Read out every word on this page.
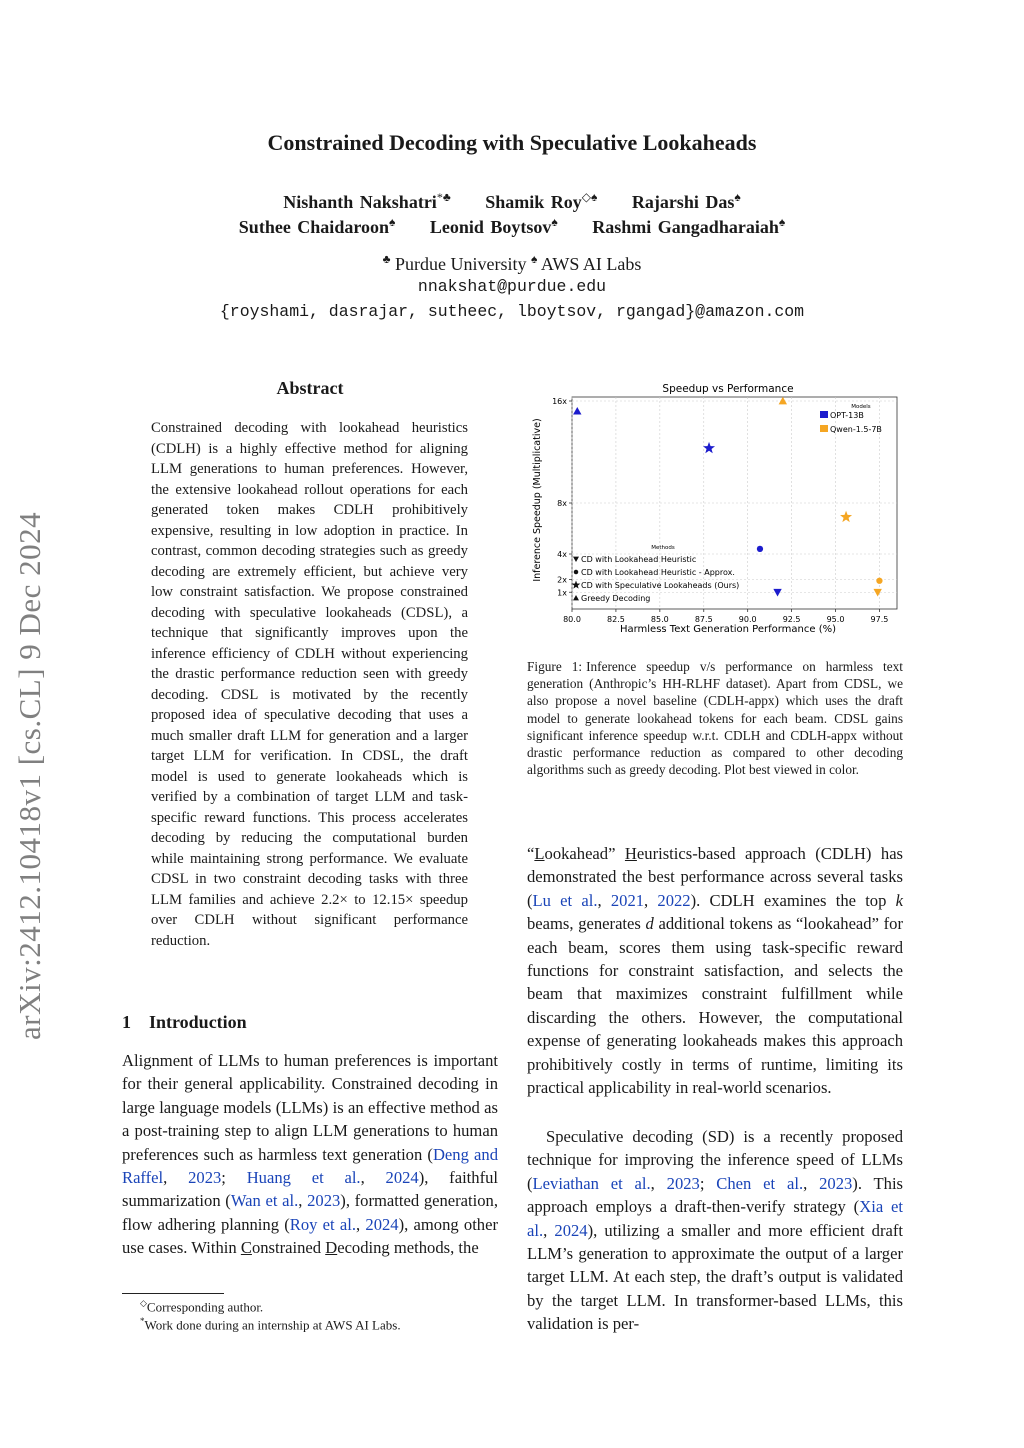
arXiv:2412.10418v1 [cs.CL] 9 Dec 2024
Constrained Decoding with Speculative Lookaheads
Nishanth Nakshatri*♣ Shamik Roy◇♠ Rajarshi Das♠
Suthee Chaidaroon♠ Leonid Boytsov♠ Rashmi Gangadharaiah♠
♣ Purdue University ♠ AWS AI Labs
nnakshat@purdue.edu
{royshami, dasrajar, sutheec, lboytsov, rgangad}@amazon.com
Abstract

Constrained decoding with lookahead heuristics (CDLH) is a highly effective method for aligning LLM generations to human preferences. However, the extensive lookahead rollout operations for each generated token makes CDLH prohibitively expensive, resulting in low adoption in practice. In contrast, common decoding strategies such as greedy decoding are extremely efficient, but achieve very low constraint satisfaction. We propose constrained decoding with speculative lookaheads (CDSL), a technique that significantly improves upon the inference efficiency of CDLH without experiencing the drastic performance reduction seen with greedy decoding. CDSL is motivated by the recently proposed idea of speculative decoding that uses a much smaller draft LLM for generation and a larger target LLM for verification. In CDSL, the draft model is used to generate lookaheads which is verified by a combination of target LLM and task-specific reward functions. This process accelerates decoding by reducing the computational burden while maintaining strong performance. We evaluate CDSL in two constraint decoding tasks with three LLM families and achieve 2.2× to 12.15× speedup over CDLH without significant performance reduction.

1 Introduction

Alignment of LLMs to human preferences is important for their general applicability. Constrained decoding in large language models (LLMs) is an effective method as a post-training step to align LLM generations to human preferences such as harmless text generation (Deng and Raffel, 2023; Huang et al., 2024), faithful summarization (Wan et al., 2023), formatted generation, flow adhering planning (Roy et al., 2024), among other use cases. Within Constrained Decoding methods, the

◇Corresponding author.

*Work done during an internship at AWS AI Labs.

Speedup vs Performance
80.0	82.5	85.0	87.5	90.0	92.5	95.0	97.5
1x
2x
4x
8x
16x
Harmless Text Generation Performance (%)
Inference Speedup (Multiplicative)
Models
OPT-13B
Qwen-1.5-7B
Methods
CD with Lookahead Heuristic
CD with Lookahead Heuristic - Approx.
CD with Speculative Lookaheads (Ours)
Greedy Decoding

Figure 1: Inference speedup v/s performance on harmless text generation (Anthropic’s HH-RLHF dataset). Apart from CDSL, we also propose a novel baseline (CDLH-appx) which uses the draft model to generate lookahead tokens for each beam. CDSL gains significant inference speedup w.r.t. CDLH and CDLH-appx without drastic performance reduction as compared to other decoding algorithms such as greedy decoding. Plot best viewed in color.

“Lookahead” Heuristics-based approach (CDLH) has demonstrated the best performance across several tasks (Lu et al., 2021, 2022). CDLH examines the top k beams, generates d additional tokens as “lookahead” for each beam, scores them using task-specific reward functions for constraint satisfaction, and selects the beam that maximizes constraint fulfillment while discarding the others. However, the computational expense of generating lookaheads makes this approach prohibitively costly in terms of runtime, limiting its practical applicability in real-world scenarios.

Speculative decoding (SD) is a recently proposed technique for improving the inference speed of LLMs (Leviathan et al., 2023; Chen et al., 2023). This approach employs a draft-then-verify strategy (Xia et al., 2024), utilizing a smaller and more efficient draft LLM’s generation to approximate the output of a larger target LLM. At each step, the draft’s output is validated by the target LLM. In transformer-based LLMs, this validation is per-
